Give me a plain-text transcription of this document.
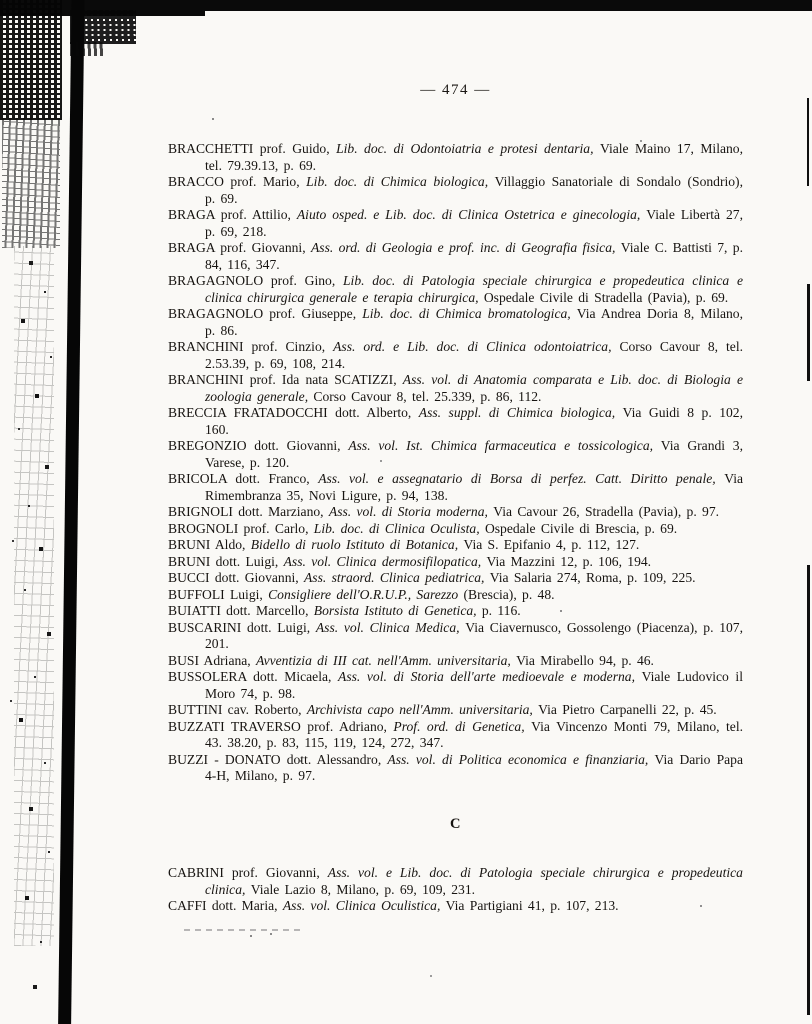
— 474 —

BRACCHETTI prof. Guido, Lib. doc. di Odontoiatria e protesi dentaria, Viale Maino 17, Milano, tel. 79.39.13, p. 69.

BRACCO prof. Mario, Lib. doc. di Chimica biologica, Villaggio Sanatoriale di Sondalo (Sondrio), p. 69.

BRAGA prof. Attilio, Aiuto osped. e Lib. doc. di Clinica Ostetrica e ginecologia, Viale Libertà 27, p. 69, 218.

BRAGA prof. Giovanni, Ass. ord. di Geologia e prof. inc. di Geografia fisica, Viale C. Battisti 7, p. 84, 116, 347.

BRAGAGNOLO prof. Gino, Lib. doc. di Patologia speciale chirurgica e propedeutica clinica e clinica chirurgica generale e terapia chirurgica, Ospedale Civile di Stradella (Pavia), p. 69.

BRAGAGNOLO prof. Giuseppe, Lib. doc. di Chimica bromatologica, Via Andrea Doria 8, Milano, p. 86.

BRANCHINI prof. Cinzio, Ass. ord. e Lib. doc. di Clinica odontoiatrica, Corso Cavour 8, tel. 2.53.39, p. 69, 108, 214.

BRANCHINI prof. Ida nata SCATIZZI, Ass. vol. di Anatomia comparata e Lib. doc. di Biologia e zoologia generale, Corso Cavour 8, tel. 25.339, p. 86, 112.

BRECCIA FRATADOCCHI dott. Alberto, Ass. suppl. di Chimica biologica, Via Guidi 8 p. 102, 160.

BREGONZIO dott. Giovanni, Ass. vol. Ist. Chimica farmaceutica e tossicologica, Via Grandi 3, Varese, p. 120.

BRICOLA dott. Franco, Ass. vol. e assegnatario di Borsa di perfez. Catt. Diritto penale, Via Rimembranza 35, Novi Ligure, p. 94, 138.

BRIGNOLI dott. Marziano, Ass. vol. di Storia moderna, Via Cavour 26, Stradella (Pavia), p. 97.

BROGNOLI prof. Carlo, Lib. doc. di Clinica Oculista, Ospedale Civile di Brescia, p. 69.

BRUNI Aldo, Bidello di ruolo Istituto di Botanica, Via S. Epifanio 4, p. 112, 127.

BRUNI dott. Luigi, Ass. vol. Clinica dermosifilopatica, Via Mazzini 12, p. 106, 194.

BUCCI dott. Giovanni, Ass. straord. Clinica pediatrica, Via Salaria 274, Roma, p. 109, 225.

BUFFOLI Luigi, Consigliere dell'O.R.U.P., Sarezzo (Brescia), p. 48.

BUIATTI dott. Marcello, Borsista Istituto di Genetica, p. 116.

BUSCARINI dott. Luigi, Ass. vol. Clinica Medica, Via Ciavernusco, Gossolengo (Piacenza), p. 107, 201.

BUSI Adriana, Avventizia di III cat. nell'Amm. universitaria, Via Mirabello 94, p. 46.

BUSSOLERA dott. Micaela, Ass. vol. di Storia dell'arte medioevale e moderna, Viale Ludovico il Moro 74, p. 98.

BUTTINI cav. Roberto, Archivista capo nell'Amm. universitaria, Via Pietro Carpanelli 22, p. 45.

BUZZATI TRAVERSO prof. Adriano, Prof. ord. di Genetica, Via Vincenzo Monti 79, Milano, tel. 43. 38.20, p. 83, 115, 119, 124, 272, 347.

BUZZI - DONATO dott. Alessandro, Ass. vol. di Politica economica e finanziaria, Via Dario Papa 4-H, Milano, p. 97.

C

CABRINI prof. Giovanni, Ass. vol. e Lib. doc. di Patologia speciale chirurgica e propedeutica clinica, Viale Lazio 8, Milano, p. 69, 109, 231.

CAFFI dott. Maria, Ass. vol. Clinica Oculistica, Via Partigiani 41, p. 107, 213.
